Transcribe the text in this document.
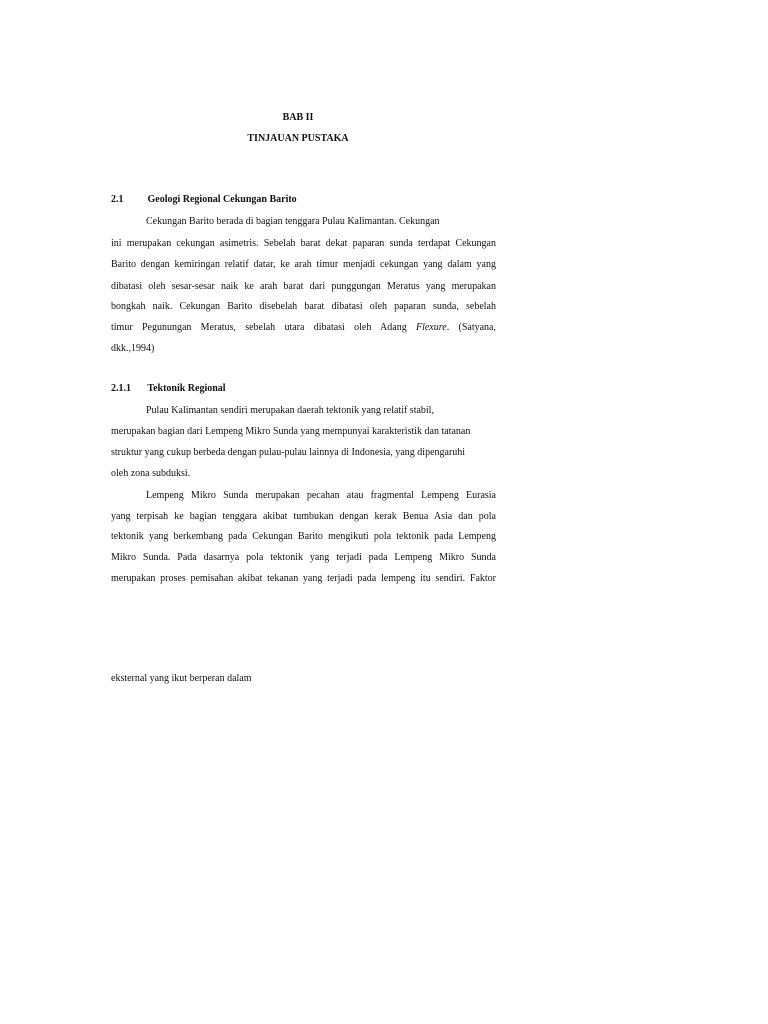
BAB II
TINJAUAN PUSTAKA
2.1 Geologi Regional Cekungan Barito
Cekungan Barito berada di bagian tenggara Pulau Kalimantan. Cekungan
ini merupakan cekungan asimetris. Sebelah barat dekat paparan sunda terdapat Cekungan
Barito dengan kemiringan relatif datar, ke arah timur menjadi cekungan yang dalam yang
dibatasi oleh sesar-sesar naik ke arah barat dari punggungan Meratus yang merupakan
bongkah naik. Cekungan Barito disebelah barat dibatasi oleh paparan sunda, sebelah
timur Pegunungan Meratus, sebelah utara dibatasi oleh Adang Flexure. (Satyana,
dkk.,1994)
2.1.1 Tektonik Regional
Pulau Kalimantan sendiri merupakan daerah tektonik yang relatif stabil,
merupakan bagian dari Lempeng Mikro Sunda yang mempunyai karakteristik dan tatanan
struktur yang cukup berbeda dengan pulau-pulau lainnya di Indonesia, yang dipengaruhi
oleh zona subduksi.
Lempeng Mikro Sunda merupakan pecahan atau fragmental Lempeng Eurasia
yang terpisah ke bagian tenggara akibat tumbukan dengan kerak Benua Asia dan pola
tektonik yang berkembang pada Cekungan Barito mengikuti pola tektonik pada Lempeng
Mikro Sunda. Pada dasarnya pola tektonik yang terjadi pada Lempeng Mikro Sunda
merupakan proses pemisahan akibat tekanan yang terjadi pada lempeng itu sendiri. Faktor
eksternal yang ikut berperan dalam
